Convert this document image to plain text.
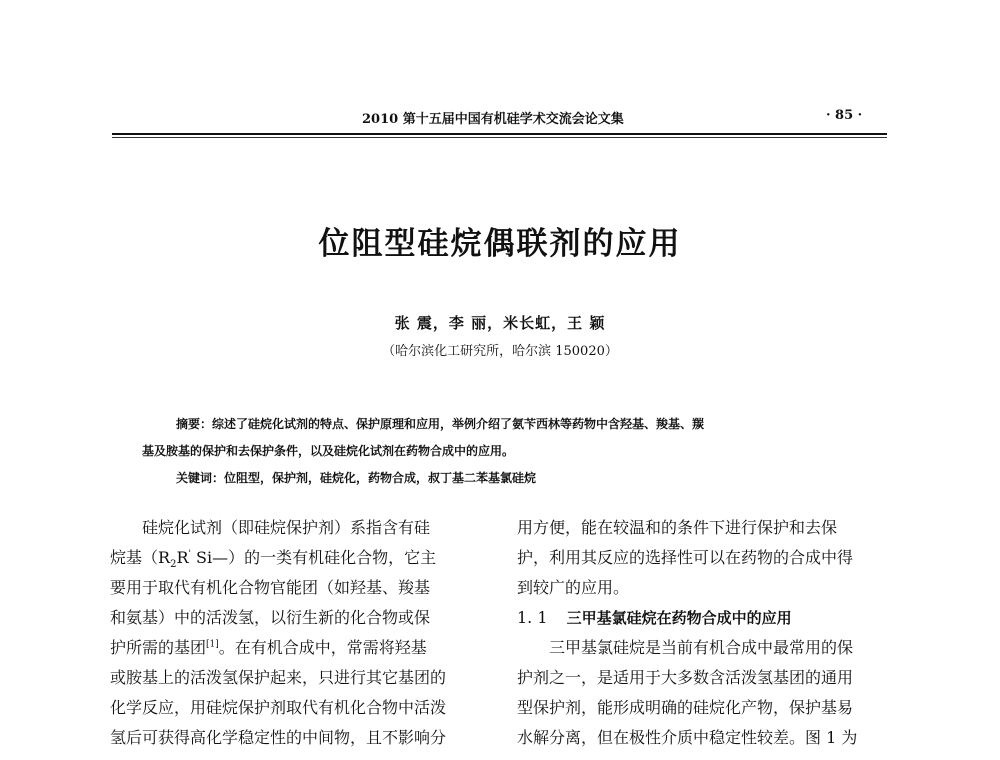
2010 第十五届中国有机硅学术交流会论文集	· 85 ·
位阻型硅烷偶联剂的应用
张 震，李 丽，米长虹，王 颖
（哈尔滨化工研究所，哈尔滨 150020）
摘要：综述了硅烷化试剂的特点、保护原理和应用，举例介绍了氨苄西林等药物中含羟基、羧基、羰
基及胺基的保护和去保护条件，以及硅烷化试剂在药物合成中的应用。
关键词：位阻型，保护剂，硅烷化，药物合成，叔丁基二苯基氯硅烷
硅烷化试剂（即硅烷保护剂）系指含有硅
烷基（$R_2R'$ Si—）的一类有机硅化合物，它主
要用于取代有机化合物官能团（如羟基、羧基
和氨基）中的活泼氢，以衍生新的化合物或保
护所需的基团[1]。在有机合成中，常需将羟基
或胺基上的活泼氢保护起来，只进行其它基团的
化学反应，用硅烷保护剂取代有机化合物中活泼
氢后可获得高化学稳定性的中间物，且不影响分
用方便，能在较温和的条件下进行保护和去保
护，利用其反应的选择性可以在药物的合成中得
到较广的应用。
1. 1 三甲基氯硅烷在药物合成中的应用
三甲基氯硅烷是当前有机合成中最常用的保
护剂之一，是适用于大多数含活泼氢基团的通用
型保护剂，能形成明确的硅烷化产物，保护基易
水解分离，但在极性介质中稳定性较差。图 1 为
